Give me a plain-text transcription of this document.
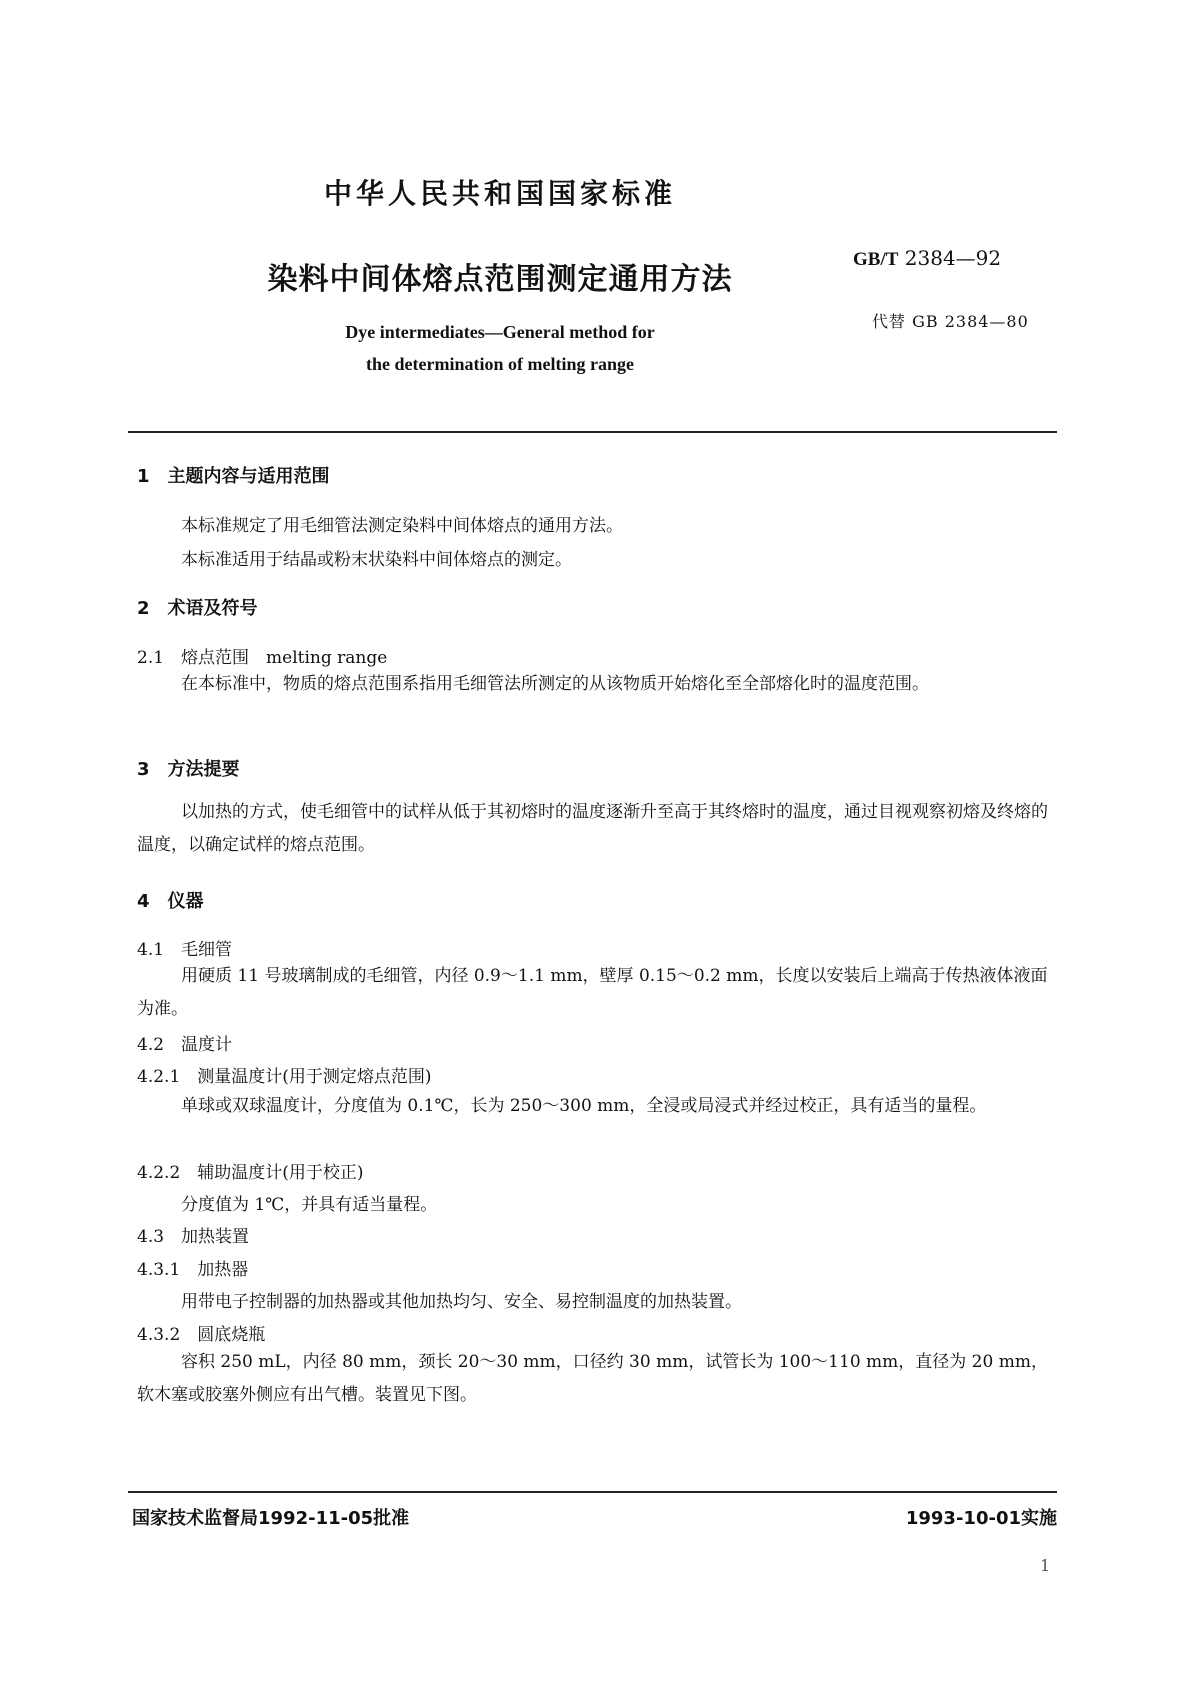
中华人民共和国国家标准
染料中间体熔点范围测定通用方法
Dye intermediates—General method for
the determination of melting range
GB/T 2384—92
代替 GB 2384—80
1　主题内容与适用范围
本标准规定了用毛细管法测定染料中间体熔点的通用方法。
本标准适用于结晶或粉末状染料中间体熔点的测定。
2　术语及符号
2.1　熔点范围　melting range
在本标准中，物质的熔点范围系指用毛细管法所测定的从该物质开始熔化至全部熔化时的温度范围。
3　方法提要
以加热的方式，使毛细管中的试样从低于其初熔时的温度逐渐升至高于其终熔时的温度，通过目视观察初熔及终熔的温度，以确定试样的熔点范围。
4　仪器
4.1　毛细管
用硬质 11 号玻璃制成的毛细管，内径 0.9～1.1 mm，壁厚 0.15～0.2 mm，长度以安装后上端高于传热液体液面为准。
4.2　温度计
4.2.1　测量温度计(用于测定熔点范围)
单球或双球温度计，分度值为 0.1℃，长为 250～300 mm，全浸或局浸式并经过校正，具有适当的量程。
4.2.2　辅助温度计(用于校正)
分度值为 1℃，并具有适当量程。
4.3　加热装置
4.3.1　加热器
用带电子控制器的加热器或其他加热均匀、安全、易控制温度的加热装置。
4.3.2　圆底烧瓶
容积 250 mL，内径 80 mm，颈长 20～30 mm，口径约 30 mm，试管长为 100～110 mm，直径为 20 mm，软木塞或胶塞外侧应有出气槽。装置见下图。
国家技术监督局1992-11-05批准	1993-10-01实施
1
